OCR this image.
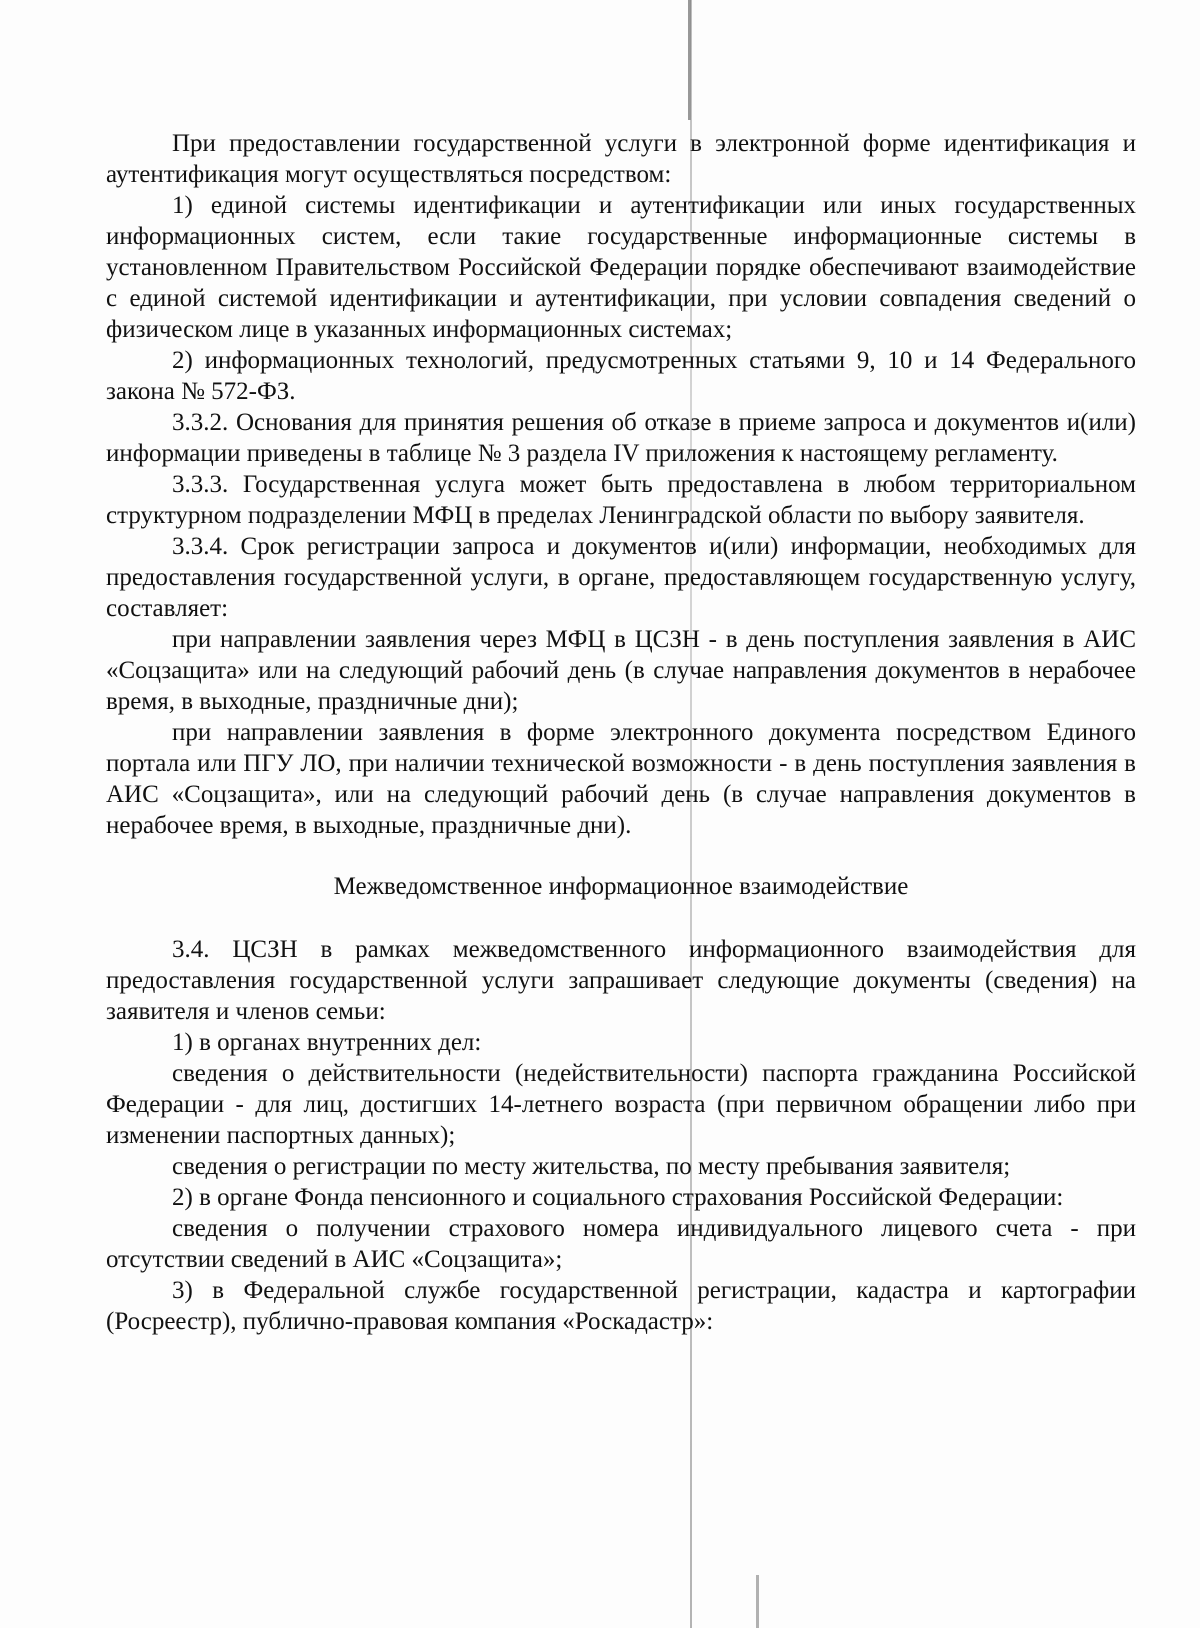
При предоставлении государственной услуги в электронной форме идентификация и аутентификация могут осуществляться посредством:

1) единой системы идентификации и аутентификации или иных государственных информационных систем, если такие государственные информационные системы в установленном Правительством Российской Федерации порядке обеспечивают взаимодействие с единой системой идентификации и аутентификации, при условии совпадения сведений о физическом лице в указанных информационных системах;

2) информационных технологий, предусмотренных статьями 9, 10 и 14 Федерального закона № 572-ФЗ.

3.3.2. Основания для принятия решения об отказе в приеме запроса и документов и(или) информации приведены в таблице № 3 раздела IV приложения к настоящему регламенту.

3.3.3. Государственная услуга может быть предоставлена в любом территориальном структурном подразделении МФЦ в пределах Ленинградской области по выбору заявителя.

3.3.4. Срок регистрации запроса и документов и(или) информации, необходимых для предоставления государственной услуги, в органе, предоставляющем государственную услугу, составляет:

при направлении заявления через МФЦ в ЦСЗН - в день поступления заявления в АИС «Соцзащита» или на следующий рабочий день (в случае направления документов в нерабочее время, в выходные, праздничные дни);

при направлении заявления в форме электронного документа посредством Единого портала или ПГУ ЛО, при наличии технической возможности - в день поступления заявления в АИС «Соцзащита», или на следующий рабочий день (в случае направления документов в нерабочее время, в выходные, праздничные дни).

Межведомственное информационное взаимодействие

3.4. ЦСЗН в рамках межведомственного информационного взаимодействия для предоставления государственной услуги запрашивает следующие документы (сведения) на заявителя и членов семьи:

1) в органах внутренних дел:

сведения о действительности (недействительности) паспорта гражданина Российской Федерации - для лиц, достигших 14-летнего возраста (при первичном обращении либо при изменении паспортных данных);

сведения о регистрации по месту жительства, по месту пребывания заявителя;

2) в органе Фонда пенсионного и социального страхования Российской Федерации:

сведения о получении страхового номера индивидуального лицевого счета - при отсутствии сведений в АИС «Соцзащита»;

3) в Федеральной службе государственной регистрации, кадастра и картографии (Росреестр), публично-правовая компания «Роскадастр»:
